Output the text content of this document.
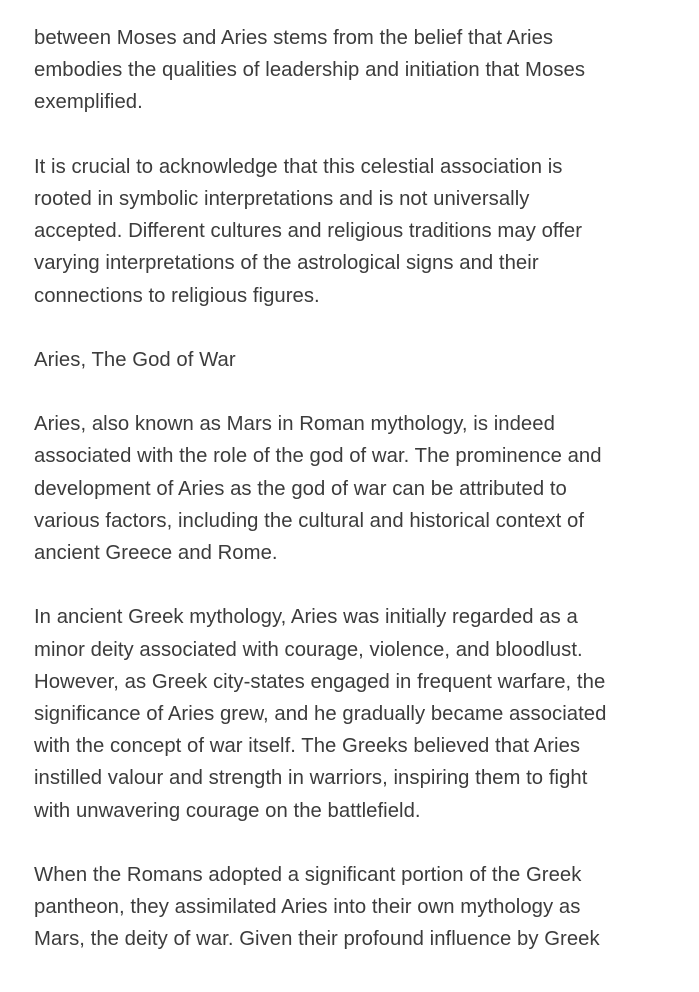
between Moses and Aries stems from the belief that Aries
embodies the qualities of leadership and initiation that Moses
exemplified.

It is crucial to acknowledge that this celestial association is
rooted in symbolic interpretations and is not universally
accepted. Different cultures and religious traditions may offer
varying interpretations of the astrological signs and their
connections to religious figures.

Aries, The God of War

Aries, also known as Mars in Roman mythology, is indeed
associated with the role of the god of war. The prominence and
development of Aries as the god of war can be attributed to
various factors, including the cultural and historical context of
ancient Greece and Rome.

In ancient Greek mythology, Aries was initially regarded as a
minor deity associated with courage, violence, and bloodlust.
However, as Greek city-states engaged in frequent warfare, the
significance of Aries grew, and he gradually became associated
with the concept of war itself. The Greeks believed that Aries
instilled valour and strength in warriors, inspiring them to fight
with unwavering courage on the battlefield.

When the Romans adopted a significant portion of the Greek
pantheon, they assimilated Aries into their own mythology as
Mars, the deity of war. Given their profound influence by Greek
